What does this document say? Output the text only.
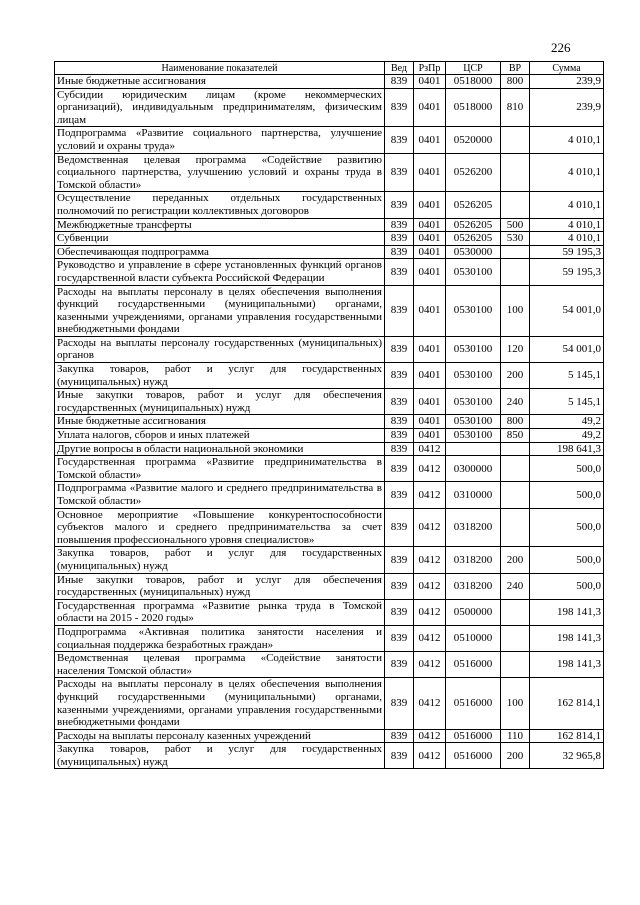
226
Наименование показателей	Вед	РзПр	ЦСР	ВР	Сумма
Иные бюджетные ассигнования	839	0401	0518000	800	239,9
Субсидии юридическим лицам (кроме некоммерческих организаций), индивидуальным предпринимателям, физическим лицам	839	0401	0518000	810	239,9
Подпрограмма «Развитие социального партнерства, улучшение условий и охраны труда»	839	0401	0520000		4 010,1
Ведомственная целевая программа «Содействие развитию социального партнерства, улучшению условий и охраны труда в Томской области»	839	0401	0526200		4 010,1
Осуществление переданных отдельных государственных полномочий по регистрации коллективных договоров	839	0401	0526205		4 010,1
Межбюджетные трансферты	839	0401	0526205	500	4 010,1
Субвенции	839	0401	0526205	530	4 010,1
Обеспечивающая подпрограмма	839	0401	0530000		59 195,3
Руководство и управление в сфере установленных функций органов государственной власти субъекта Российской Федерации	839	0401	0530100		59 195,3
Расходы на выплаты персоналу в целях обеспечения выполнения функций государственными (муниципальными) органами, казенными учреждениями, органами управления государственными внебюджетными фондами	839	0401	0530100	100	54 001,0
Расходы на выплаты персоналу государственных (муниципальных) органов	839	0401	0530100	120	54 001,0
Закупка товаров, работ и услуг для государственных (муниципальных) нужд	839	0401	0530100	200	5 145,1
Иные закупки товаров, работ и услуг для обеспечения государственных (муниципальных) нужд	839	0401	0530100	240	5 145,1
Иные бюджетные ассигнования	839	0401	0530100	800	49,2
Уплата налогов, сборов и иных платежей	839	0401	0530100	850	49,2
Другие вопросы в области национальной экономики	839	0412			198 641,3
Государственная программа «Развитие предпринимательства в Томской области»	839	0412	0300000		500,0
Подпрограмма «Развитие малого и среднего предпринимательства в Томской области»	839	0412	0310000		500,0
Основное мероприятие «Повышение конкурентоспособности субъектов малого и среднего предпринимательства за счет повышения профессионального уровня специалистов»	839	0412	0318200		500,0
Закупка товаров, работ и услуг для государственных (муниципальных) нужд	839	0412	0318200	200	500,0
Иные закупки товаров, работ и услуг для обеспечения государственных (муниципальных) нужд	839	0412	0318200	240	500,0
Государственная программа «Развитие рынка труда в Томской области на 2015 - 2020 годы»	839	0412	0500000		198 141,3
Подпрограмма «Активная политика занятости населения и социальная поддержка безработных граждан»	839	0412	0510000		198 141,3
Ведомственная целевая программа «Содействие занятости населения Томской области»	839	0412	0516000		198 141,3
Расходы на выплаты персоналу в целях обеспечения выполнения функций государственными (муниципальными) органами, казенными учреждениями, органами управления государственными внебюджетными фондами	839	0412	0516000	100	162 814,1
Расходы на выплаты персоналу казенных учреждений	839	0412	0516000	110	162 814,1
Закупка товаров, работ и услуг для государственных (муниципальных) нужд	839	0412	0516000	200	32 965,8
